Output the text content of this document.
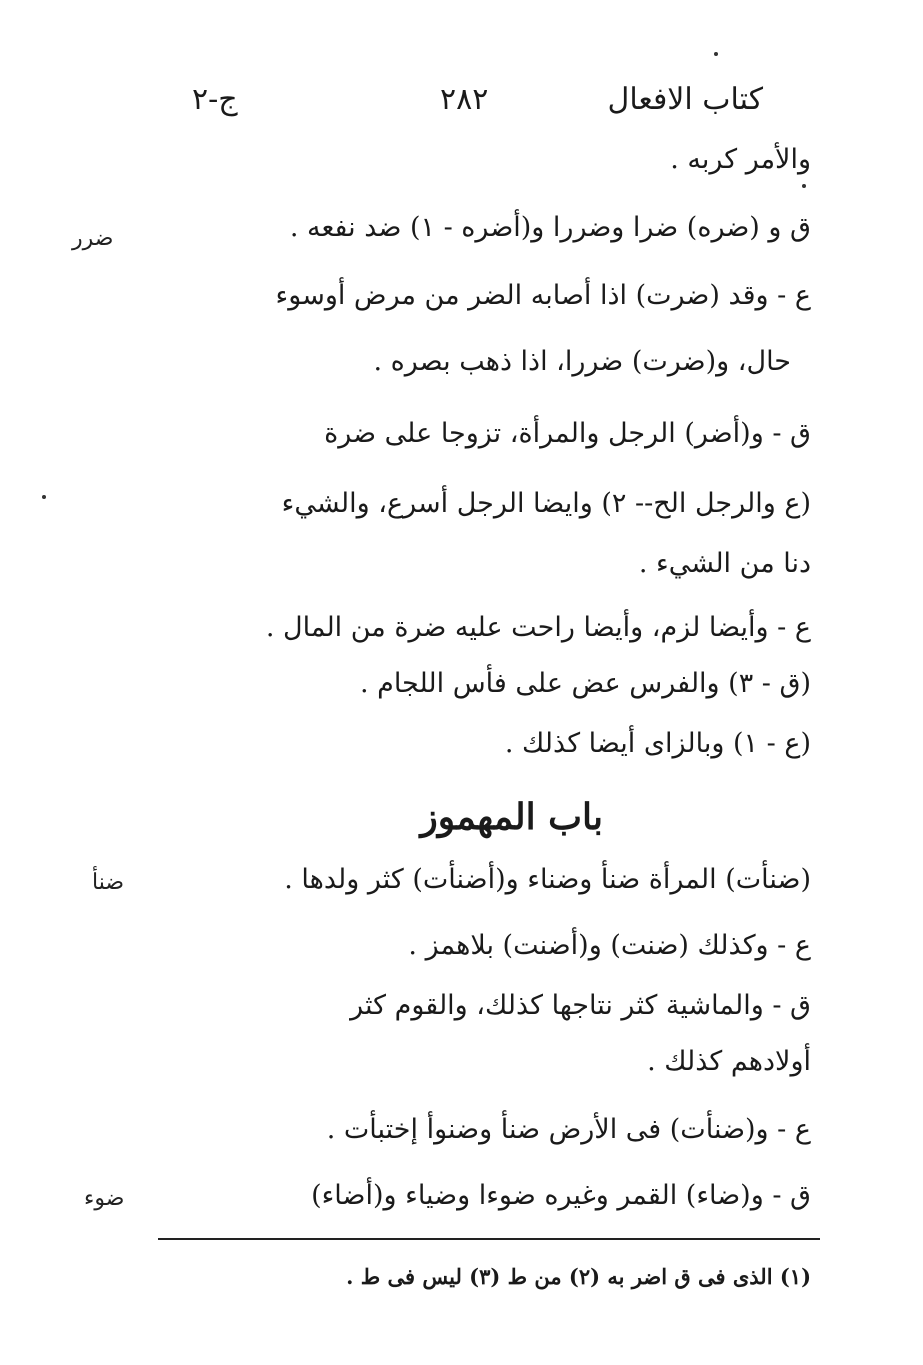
كتاب الافعال
٢٨٢
ج-٢
والأمر كربه .
ق و (ضره) ضرا وضررا و(أضره - ١) ضد نفعه .
ع - وقد (ضرت) اذا أصابه الضر من مرض أوسوء
حال، و(ضرت) ضررا، اذا ذهب بصره .
ق - و(أضر) الرجل والمرأة، تزوجا على ضرة
(ع والرجل الح-- ٢) وايضا الرجل أسرع، والشيء
دنا من الشيء .
ع - وأيضا لزم، وأيضا راحت عليه ضرة من المال .
(ق - ٣) والفرس عض على فأس اللجام .
(ع - ١) وبالزاى أيضا كذلك .
باب المهموز
(ضنأت) المرأة ضنأ وضناء و(أضنأت) كثر ولدها .
ع - وكذلك (ضنت) و(أضنت) بلاهمز .
ق - والماشية كثر نتاجها كذلك، والقوم كثر
أولادهم كذلك .
ع - و(ضنأت) فى الأرض ضنأ وضنوأ إختبأت .
ق - و(ضاء) القمر وغيره ضوءا وضياء و(أضاء)
ضرر
ضنأ
ضوء
(١) الذى فى ق اضر به (٢) من ط (٣) ليس فى ط .
